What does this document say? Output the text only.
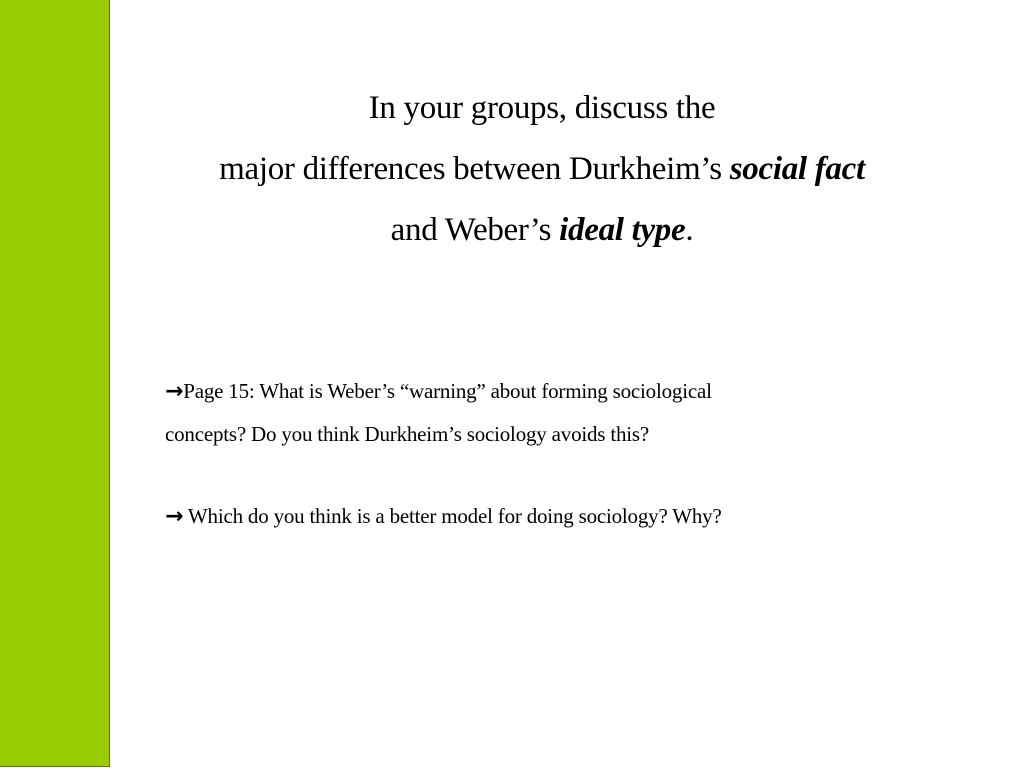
In your groups, discuss the
major differences between Durkheim’s social fact
and Weber’s ideal type.

→Page 15: What is Weber’s “warning” about forming sociological

concepts? Do you think Durkheim’s sociology avoids this?

→ Which do you think is a better model for doing sociology? Why?
